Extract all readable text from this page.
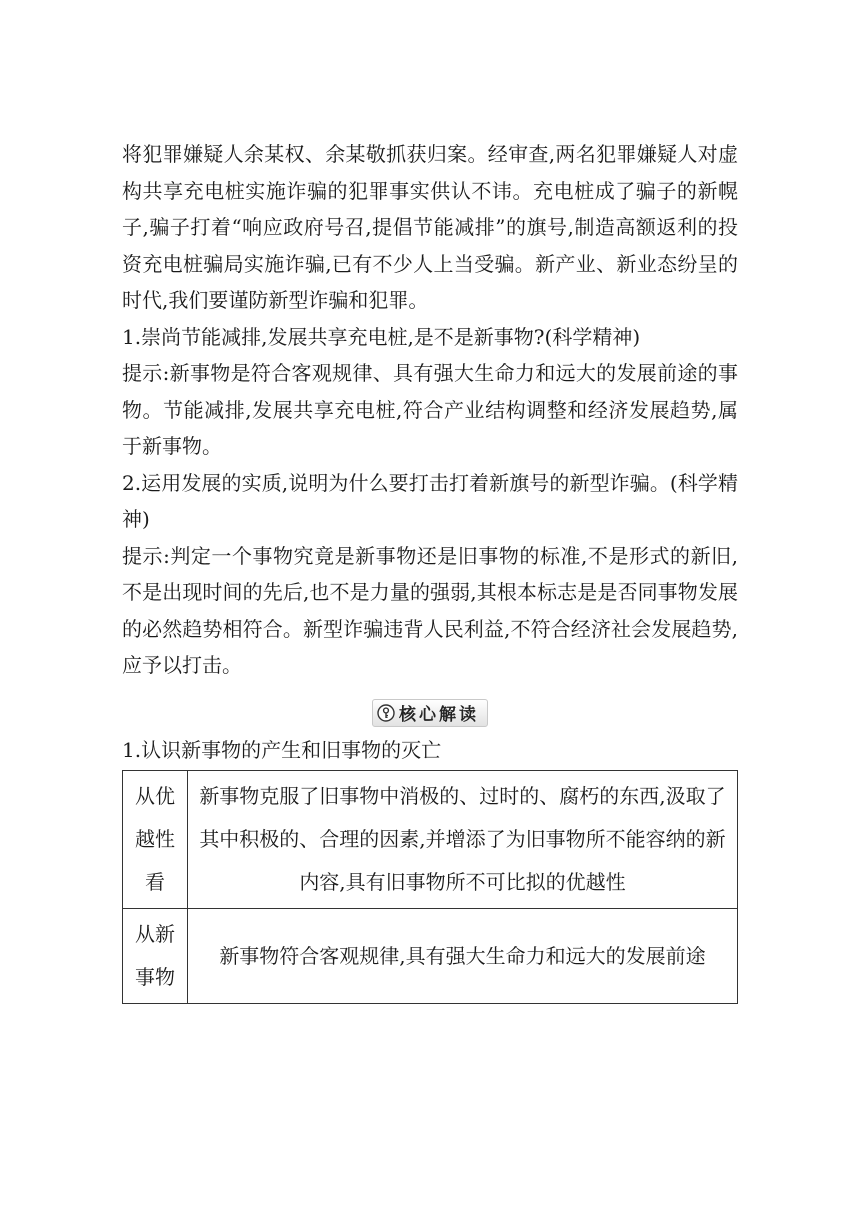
将犯罪嫌疑人余某权、余某敬抓获归案。经审查,两名犯罪嫌疑人对虚构共享充电桩实施诈骗的犯罪事实供认不讳。充电桩成了骗子的新幌子,骗子打着“响应政府号召,提倡节能减排”的旗号,制造高额返利的投资充电桩骗局实施诈骗,已有不少人上当受骗。新产业、新业态纷呈的时代,我们要谨防新型诈骗和犯罪。

1.崇尚节能减排,发展共享充电桩,是不是新事物?(科学精神)

提示:新事物是符合客观规律、具有强大生命力和远大的发展前途的事物。节能减排,发展共享充电桩,符合产业结构调整和经济发展趋势,属于新事物。

2.运用发展的实质,说明为什么要打击打着新旗号的新型诈骗。(科学精神)

提示:判定一个事物究竟是新事物还是旧事物的标准,不是形式的新旧,不是出现时间的先后,也不是力量的强弱,其根本标志是是否同事物发展的必然趋势相符合。新型诈骗违背人民利益,不符合经济社会发展趋势,应予以打击。

核心解读

1.认识新事物的产生和旧事物的灭亡

从优越性看	新事物克服了旧事物中消极的、过时的、腐朽的东西,汲取了其中积极的、合理的因素,并增添了为旧事物所不能容纳的新内容,具有旧事物所不可比拟的优越性
从新事物	新事物符合客观规律,具有强大生命力和远大的发展前途
